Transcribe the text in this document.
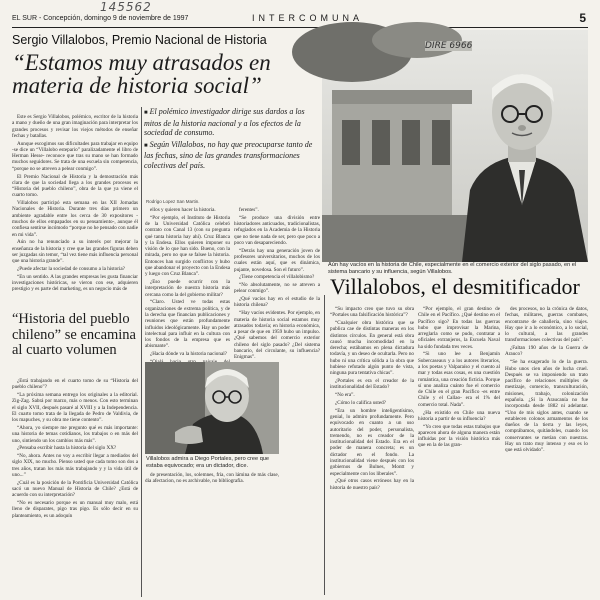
145562
EL SUR - Concepción, domingo 9 de noviembre de 1997	INTERCOMUNA	5
Sergio Villalobos, Premio Nacional de Historia
“Estamos muy atrasados en materia de historia social”
DIRE 6966
Aún hay vacíos en la historia de Chile, especialmente en el comercio exterior del siglo pasado, en el sistema bancario y su influencia, según Villalobos.

Este es Sergio Villalobos, polémico, escritor de la historia a mano y dueño de una gran imaginación para interpretar los grandes procesos y revisar los viejos métodos de enseñar fechas y batallas.

Aunque escogimos sus dificultades para trabajar en equipo -se dice un “Villalobo estepario” paralizadamente el libro de Herman Hesse- reconoce que tras su mano se han formado muchos seguidores. Se trata de una escuela sin competencia, “porque no se atreven a pelear conmigo”.

El Premio Nacional de Historia y la demostración más clara de que la sociedad llega a los grandes procesos es “Historia del pueblo chileno”, obra de la que ya viene el cuarto tomo.

Villalobos participó esta semana en las XII Jornadas Nacionales de Historia. Durante tres días primero un ambiente agradable entre los cerca de 30 expositores -muchos de ellos empapados en su pensamiento-, aunque él confiesa sentirse incómodo “porque no he pensado con nadie en mi vida”.

Aún no ha renunciado a su interés por mejorar la enseñanza de la historia y cree que las grandes figuras deben ser juzgadas sin temor, “tal vez tiene más influencia personal que una historia grande”.

¿Puede afectar la sociedad de consumo a la historia?

“En un sentido. A las grandes empresas les gusta financiar investigaciones históricas, se vieron con ese, adquieren prestigio y es parte del marketing, es un negocio más de

■ El polémico investigador dirige sus dardos a los mitos de la historia nacional y a los efectos de la sociedad de consumo.

■ Según Villalobos, no hay que preocuparse tanto de las fechas, sino de las grandes transformaciones colectivas del país.

Rodrigo Lopez San Martin.
“Historia del pueblo chileno” se encamina al cuarto volumen

¿Está trabajando en el cuarto tomo de su “Historia del pueblo chileno”?

“La próxima semana entrego los originales a la editorial. Zig-Zag. Sabrá por marzo, más o menos. Con esto terminan el siglo XVII, después pasaré al XVIII y a la Independencia. El cuarto tomo trata de la llegada de Pedro de Valdivia, de los mapuches, y su obra me tiene contento”.

“Ahora, yo siempre me pregunto qué es más importante: una historia de temas cotidianos, los trabajos o en más del uno, sintiendo un los cambios más más”.

¿Pensaba escribir hasta la historia del siglo XX?

“No, ahora. Antes no voy a escribir llegar a mediados del siglo XIX, no mucho. Pienso usted que cada tomo son dos a tres años, tratan los más más trabajando y y la vida útil de uno...”

¿Cuál es la posición de la Pontificia Universidad Católica sacó un nuevo Manual de Historia de Chile? ¿Está de acuerdo con su interpretación?

“No es necesario porque es un manual muy malo, está lleno de disparates, pigo tras pigo. Es sólo decir en su planteamiento, es un adoquín

ellos y quieren hacer la historia.

“Por ejemplo, el Instituto de Historia de la Universidad Católica celebró contrato con Canal 13 (con su pregunta qué tanta historia hay ahí). Cruz Blanca y la Endesa. Ellos quieren imponer su visión de lo que han sido. Bueno, con la mirada, pero no que se falsee la historia. Entonces han surgido conflictos y hubo que abandonar el proyecto con la Endesa y luego con Cruz Blanca”.

¿Eso puede ocurrir con la interpretación de nuestra historia más cercana como la del gobierno militar?

“Claro. Usted ve todas estas organizaciones de extrema política, y de la derecha que financian publicaciones y reuniones que están profundamente influidos ideológicamente. Hay un poder intelectual para influir en la cultura con los fondos de la empresa que es abismante”.

¿Hacia dónde va la historia nacional?

ferentes”.

“Se produce una división entre historiadores anticuados, tradicionalistas, refugiados en la Academia de la Historia que no tiene nada de ser, pero que poco a poco van desapareciendo.

“Detrás hay una generación joven de profesores universitarios, muchos de los cuales están aquí, que es dinámica, pujante, novedosa. Son el futuro”.

¿Tiene competencia el villalobismo?

“No absolutamente, no se atreven a pelear conmigo”.

¿Qué vacíos hay en el estudio de la historia chilena?

“Hay vacíos evidentes. Por ejemplo, en materia de historia social estamos muy atrasados todavía; en historia económica, a pesar de que en 1959 hubo un impulso. ¿Qué sabemos del comercio exterior chileno del siglo pasado? ¿Del sistema bancario, del circulante, su influencia? Enigmas”.

Villalobos admira a Diego Portales, pero cree que estaba equivocado; era un dictador, dice.

de presentación, los, solemnes, fría, con lámina de más clase, día afectacion, no es archivable, no bibliografía.

Villalobos, el desmitificador

“Su impacto creo que tuvo su obra “Portales una falsificación histórica”?

“Cualquier obra histórica que se publica cae de distintas maneras en los distintos círculos. En general está obra causó mucha incomodidad en la derecha; estábamos en plena dictadura todavía, y un deseo de ocultarla. Pero no hubo ni una crítica sólida a la obra que hubiese refutado algún punto de vista, ninguna pura tentativa chicas”.

¿Portales es era el creador de la institucionalidad del Estado?

“No era”.

¿Cómo lo califica usted?

“Era un hombre inteligentísimo, genial, lo admiro profundamente. Pero equivocado en cuanto a un uso autoritario del poder, personalista, tremendo, no es creador de la institucionalidad del Estado. Era en el poder de manera concreta; es un dictador en el fondo. La institucionalidad viene después con los gobiernos de Bulnes, Montt y especialmente con los liberales”.

¿Qué otros casos erróneos hay en la historia de nuestro país?

“Por ejemplo, el gran destino de Chile en el Pacífico. ¿Qué destino en el Pacífico sigo? En todas las guerras hubo que improvisar la Marina, arreglarla como se pudo, contratar a oficiales extranjeros, la Escuela Naval ha sido fundada tres veces.

“Si uno lee a Benjamín Subercaseaux y a los autores literarios, a los poetas y Valparaíso y el cuento al mar y todas esas cosas, es una cuestión romántica, una creación ficticia. Porque sí uno analiza cuánto fue el comercio de Chile en el gran Pacífico -es entre Chile y el Callao- era el 1% del comercio total. Nada”.

¿Ha existido en Chile una nueva historia a partir de su influencia?

“Yo creo que todas estas trabajos que aparecen ahora de alguna manera están influidas por la visión histórica más que en la de las gran-

des procesos, no la crónica de datos, fechas, militares, guerras combates, encontrarse de caballería, sino viajes. Hay que ir a lo económico, a lo social, lo cultural, a las grandes transformaciones colectivas del país”.

¿Faltan 190 años de la Guerra de Arauco?

“Se ha exagerado lo de la guerra. Hubo unos cien años de lucha cruel. Después se va imponiendo un trato pacífico de relaciones múltiples de mestizaje, comercio, transculturación, misiones, trabajo, colonización española. ¿Si la Araucanía no fue incorporada desde 1882 ni adelantar. “Uno de mis siglos antes, cuando se establecen colonos armamentos de los dueños de la tierra y las leyes, comprábamos, quitándoles, cuando los conservantes se metían con nuestras. Hay un trato muy intenso y eso es lo que está olvidado”.
